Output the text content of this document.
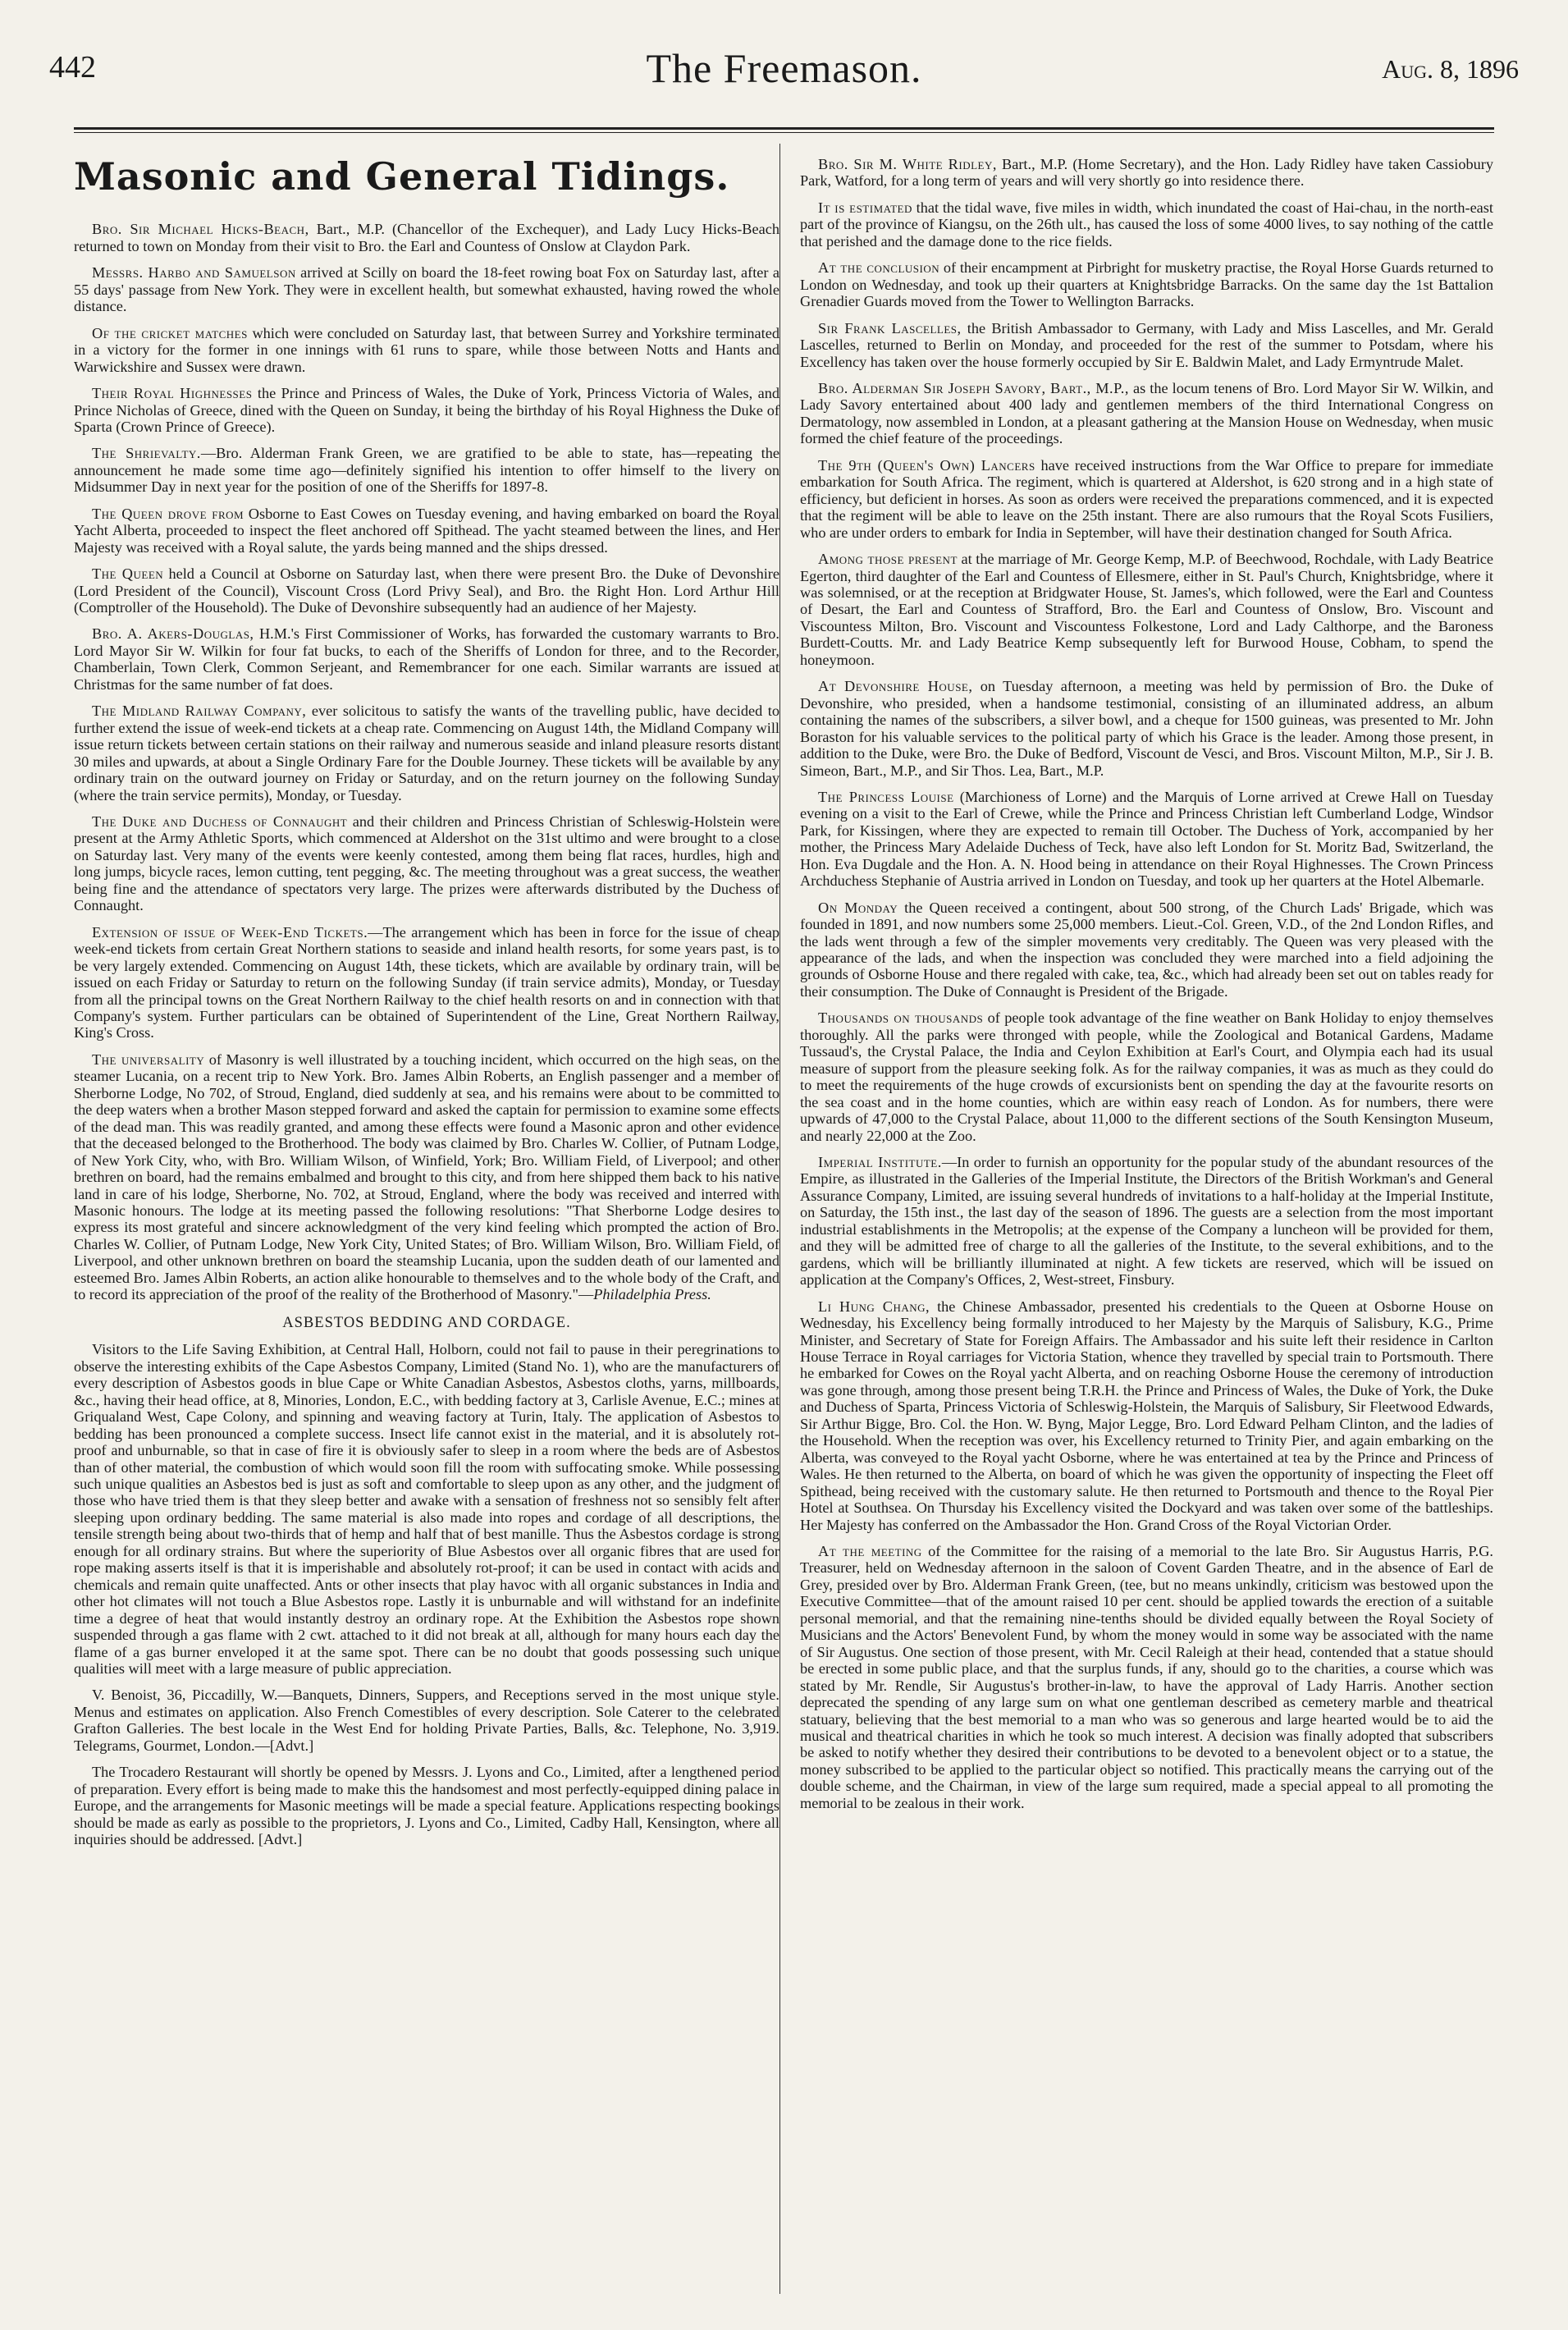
442	The Freemason.	Aug. 8, 1896
Masonic and General Tidings.

Bro. Sir Michael Hicks-Beach, Bart., M.P. (Chancellor of the Exchequer), and Lady Lucy Hicks-Beach returned to town on Monday from their visit to Bro. the Earl and Countess of Onslow at Claydon Park.

Messrs. Harbo and Samuelson arrived at Scilly on board the 18-feet rowing boat Fox on Saturday last, after a 55 days' passage from New York. They were in excellent health, but somewhat exhausted, having rowed the whole distance.

Of the cricket matches which were concluded on Saturday last, that between Surrey and Yorkshire terminated in a victory for the former in one innings with 61 runs to spare, while those between Notts and Hants and Warwickshire and Sussex were drawn.

Their Royal Highnesses the Prince and Princess of Wales, the Duke of York, Princess Victoria of Wales, and Prince Nicholas of Greece, dined with the Queen on Sunday, it being the birthday of his Royal Highness the Duke of Sparta (Crown Prince of Greece).

The Shrievalty.—Bro. Alderman Frank Green, we are gratified to be able to state, has—repeating the announcement he made some time ago—definitely signified his intention to offer himself to the livery on Midsummer Day in next year for the position of one of the Sheriffs for 1897-8.

The Queen drove from Osborne to East Cowes on Tuesday evening, and having embarked on board the Royal Yacht Alberta, proceeded to inspect the fleet anchored off Spithead. The yacht steamed between the lines, and Her Majesty was received with a Royal salute, the yards being manned and the ships dressed.

The Queen held a Council at Osborne on Saturday last, when there were present Bro. the Duke of Devonshire (Lord President of the Council), Viscount Cross (Lord Privy Seal), and Bro. the Right Hon. Lord Arthur Hill (Comptroller of the Household). The Duke of Devonshire subsequently had an audience of her Majesty.

Bro. A. Akers-Douglas, H.M.'s First Commissioner of Works, has forwarded the customary warrants to Bro. Lord Mayor Sir W. Wilkin for four fat bucks, to each of the Sheriffs of London for three, and to the Recorder, Chamberlain, Town Clerk, Common Serjeant, and Remembrancer for one each. Similar warrants are issued at Christmas for the same number of fat does.

The Midland Railway Company, ever solicitous to satisfy the wants of the travelling public, have decided to further extend the issue of week-end tickets at a cheap rate. Commencing on August 14th, the Midland Company will issue return tickets between certain stations on their railway and numerous seaside and inland pleasure resorts distant 30 miles and upwards, at about a Single Ordinary Fare for the Double Journey. These tickets will be available by any ordinary train on the outward journey on Friday or Saturday, and on the return journey on the following Sunday (where the train service permits), Monday, or Tuesday.

The Duke and Duchess of Connaught and their children and Princess Christian of Schleswig-Holstein were present at the Army Athletic Sports, which commenced at Aldershot on the 31st ultimo and were brought to a close on Saturday last. Very many of the events were keenly contested, among them being flat races, hurdles, high and long jumps, bicycle races, lemon cutting, tent pegging, &c. The meeting throughout was a great success, the weather being fine and the attendance of spectators very large. The prizes were afterwards distributed by the Duchess of Connaught.

Extension of issue of Week-End Tickets.—The arrangement which has been in force for the issue of cheap week-end tickets from certain Great Northern stations to seaside and inland health resorts, for some years past, is to be very largely extended. Commencing on August 14th, these tickets, which are available by ordinary train, will be issued on each Friday or Saturday to return on the following Sunday (if train service admits), Monday, or Tuesday from all the principal towns on the Great Northern Railway to the chief health resorts on and in connection with that Company's system. Further particulars can be obtained of Superintendent of the Line, Great Northern Railway, King's Cross.

The universality of Masonry is well illustrated by a touching incident, which occurred on the high seas, on the steamer Lucania, on a recent trip to New York. Bro. James Albin Roberts, an English passenger and a member of Sherborne Lodge, No 702, of Stroud, England, died suddenly at sea, and his remains were about to be committed to the deep waters when a brother Mason stepped forward and asked the captain for permission to examine some effects of the dead man. This was readily granted, and among these effects were found a Masonic apron and other evidence that the deceased belonged to the Brotherhood. The body was claimed by Bro. Charles W. Collier, of Putnam Lodge, of New York City, who, with Bro. William Wilson, of Winfield, York; Bro. William Field, of Liverpool; and other brethren on board, had the remains embalmed and brought to this city, and from here shipped them back to his native land in care of his lodge, Sherborne, No. 702, at Stroud, England, where the body was received and interred with Masonic honours. The lodge at its meeting passed the following resolutions: "That Sherborne Lodge desires to express its most grateful and sincere acknowledgment of the very kind feeling which prompted the action of Bro. Charles W. Collier, of Putnam Lodge, New York City, United States; of Bro. William Wilson, Bro. William Field, of Liverpool, and other unknown brethren on board the steamship Lucania, upon the sudden death of our lamented and esteemed Bro. James Albin Roberts, an action alike honourable to themselves and to the whole body of the Craft, and to record its appreciation of the proof of the reality of the Brotherhood of Masonry."—Philadelphia Press.

ASBESTOS BEDDING AND CORDAGE.

Visitors to the Life Saving Exhibition, at Central Hall, Holborn, could not fail to pause in their peregrinations to observe the interesting exhibits of the Cape Asbestos Company, Limited (Stand No. 1), who are the manufacturers of every description of Asbestos goods in blue Cape or White Canadian Asbestos, Asbestos cloths, yarns, millboards, &c., having their head office, at 8, Minories, London, E.C., with bedding factory at 3, Carlisle Avenue, E.C.; mines at Griqualand West, Cape Colony, and spinning and weaving factory at Turin, Italy. The application of Asbestos to bedding has been pronounced a complete success. Insect life cannot exist in the material, and it is absolutely rot-proof and unburnable, so that in case of fire it is obviously safer to sleep in a room where the beds are of Asbestos than of other material, the combustion of which would soon fill the room with suffocating smoke. While possessing such unique qualities an Asbestos bed is just as soft and comfortable to sleep upon as any other, and the judgment of those who have tried them is that they sleep better and awake with a sensation of freshness not so sensibly felt after sleeping upon ordinary bedding. The same material is also made into ropes and cordage of all descriptions, the tensile strength being about two-thirds that of hemp and half that of best manille. Thus the Asbestos cordage is strong enough for all ordinary strains. But where the superiority of Blue Asbestos over all organic fibres that are used for rope making asserts itself is that it is imperishable and absolutely rot-proof; it can be used in contact with acids and chemicals and remain quite unaffected. Ants or other insects that play havoc with all organic substances in India and other hot climates will not touch a Blue Asbestos rope. Lastly it is unburnable and will withstand for an indefinite time a degree of heat that would instantly destroy an ordinary rope. At the Exhibition the Asbestos rope shown suspended through a gas flame with 2 cwt. attached to it did not break at all, although for many hours each day the flame of a gas burner enveloped it at the same spot. There can be no doubt that goods possessing such unique qualities will meet with a large measure of public appreciation.

V. Benoist, 36, Piccadilly, W.—Banquets, Dinners, Suppers, and Receptions served in the most unique style. Menus and estimates on application. Also French Comestibles of every description. Sole Caterer to the celebrated Grafton Galleries. The best locale in the West End for holding Private Parties, Balls, &c. Telephone, No. 3,919. Telegrams, Gourmet, London.—[Advt.]

The Trocadero Restaurant will shortly be opened by Messrs. J. Lyons and Co., Limited, after a lengthened period of preparation. Every effort is being made to make this the handsomest and most perfectly-equipped dining palace in Europe, and the arrangements for Masonic meetings will be made a special feature. Applications respecting bookings should be made as early as possible to the proprietors, J. Lyons and Co., Limited, Cadby Hall, Kensington, where all inquiries should be addressed. [Advt.]

Bro. Sir M. White Ridley, Bart., M.P. (Home Secretary), and the Hon. Lady Ridley have taken Cassiobury Park, Watford, for a long term of years and will very shortly go into residence there.

It is estimated that the tidal wave, five miles in width, which inundated the coast of Hai-chau, in the north-east part of the province of Kiangsu, on the 26th ult., has caused the loss of some 4000 lives, to say nothing of the cattle that perished and the damage done to the rice fields.

At the conclusion of their encampment at Pirbright for musketry practise, the Royal Horse Guards returned to London on Wednesday, and took up their quarters at Knightsbridge Barracks. On the same day the 1st Battalion Grenadier Guards moved from the Tower to Wellington Barracks.

Sir Frank Lascelles, the British Ambassador to Germany, with Lady and Miss Lascelles, and Mr. Gerald Lascelles, returned to Berlin on Monday, and proceeded for the rest of the summer to Potsdam, where his Excellency has taken over the house formerly occupied by Sir E. Baldwin Malet, and Lady Ermyntrude Malet.

Bro. Alderman Sir Joseph Savory, Bart., M.P., as the locum tenens of Bro. Lord Mayor Sir W. Wilkin, and Lady Savory entertained about 400 lady and gentlemen members of the third International Congress on Dermatology, now assembled in London, at a pleasant gathering at the Mansion House on Wednesday, when music formed the chief feature of the proceedings.

The 9th (Queen's Own) Lancers have received instructions from the War Office to prepare for immediate embarkation for South Africa. The regiment, which is quartered at Aldershot, is 620 strong and in a high state of efficiency, but deficient in horses. As soon as orders were received the preparations commenced, and it is expected that the regiment will be able to leave on the 25th instant. There are also rumours that the Royal Scots Fusiliers, who are under orders to embark for India in September, will have their destination changed for South Africa.

Among those present at the marriage of Mr. George Kemp, M.P. of Beechwood, Rochdale, with Lady Beatrice Egerton, third daughter of the Earl and Countess of Ellesmere, either in St. Paul's Church, Knightsbridge, where it was solemnised, or at the reception at Bridgwater House, St. James's, which followed, were the Earl and Countess of Desart, the Earl and Countess of Strafford, Bro. the Earl and Countess of Onslow, Bro. Viscount and Viscountess Milton, Bro. Viscount and Viscountess Folkestone, Lord and Lady Calthorpe, and the Baroness Burdett-Coutts. Mr. and Lady Beatrice Kemp subsequently left for Burwood House, Cobham, to spend the honeymoon.

At Devonshire House, on Tuesday afternoon, a meeting was held by permission of Bro. the Duke of Devonshire, who presided, when a handsome testimonial, consisting of an illuminated address, an album containing the names of the subscribers, a silver bowl, and a cheque for 1500 guineas, was presented to Mr. John Boraston for his valuable services to the political party of which his Grace is the leader. Among those present, in addition to the Duke, were Bro. the Duke of Bedford, Viscount de Vesci, and Bros. Viscount Milton, M.P., Sir J. B. Simeon, Bart., M.P., and Sir Thos. Lea, Bart., M.P.

The Princess Louise (Marchioness of Lorne) and the Marquis of Lorne arrived at Crewe Hall on Tuesday evening on a visit to the Earl of Crewe, while the Prince and Princess Christian left Cumberland Lodge, Windsor Park, for Kissingen, where they are expected to remain till October. The Duchess of York, accompanied by her mother, the Princess Mary Adelaide Duchess of Teck, have also left London for St. Moritz Bad, Switzerland, the Hon. Eva Dugdale and the Hon. A. N. Hood being in attendance on their Royal Highnesses. The Crown Princess Archduchess Stephanie of Austria arrived in London on Tuesday, and took up her quarters at the Hotel Albemarle.

On Monday the Queen received a contingent, about 500 strong, of the Church Lads' Brigade, which was founded in 1891, and now numbers some 25,000 members. Lieut.-Col. Green, V.D., of the 2nd London Rifles, and the lads went through a few of the simpler movements very creditably. The Queen was very pleased with the appearance of the lads, and when the inspection was concluded they were marched into a field adjoining the grounds of Osborne House and there regaled with cake, tea, &c., which had already been set out on tables ready for their consumption. The Duke of Connaught is President of the Brigade.

Thousands on thousands of people took advantage of the fine weather on Bank Holiday to enjoy themselves thoroughly. All the parks were thronged with people, while the Zoological and Botanical Gardens, Madame Tussaud's, the Crystal Palace, the India and Ceylon Exhibition at Earl's Court, and Olympia each had its usual measure of support from the pleasure seeking folk. As for the railway companies, it was as much as they could do to meet the requirements of the huge crowds of excursionists bent on spending the day at the favourite resorts on the sea coast and in the home counties, which are within easy reach of London. As for numbers, there were upwards of 47,000 to the Crystal Palace, about 11,000 to the different sections of the South Kensington Museum, and nearly 22,000 at the Zoo.

Imperial Institute.—In order to furnish an opportunity for the popular study of the abundant resources of the Empire, as illustrated in the Galleries of the Imperial Institute, the Directors of the British Workman's and General Assurance Company, Limited, are issuing several hundreds of invitations to a half-holiday at the Imperial Institute, on Saturday, the 15th inst., the last day of the season of 1896. The guests are a selection from the most important industrial establishments in the Metropolis; at the expense of the Company a luncheon will be provided for them, and they will be admitted free of charge to all the galleries of the Institute, to the several exhibitions, and to the gardens, which will be brilliantly illuminated at night. A few tickets are reserved, which will be issued on application at the Company's Offices, 2, West-street, Finsbury.

Li Hung Chang, the Chinese Ambassador, presented his credentials to the Queen at Osborne House on Wednesday, his Excellency being formally introduced to her Majesty by the Marquis of Salisbury, K.G., Prime Minister, and Secretary of State for Foreign Affairs. The Ambassador and his suite left their residence in Carlton House Terrace in Royal carriages for Victoria Station, whence they travelled by special train to Portsmouth. There he embarked for Cowes on the Royal yacht Alberta, and on reaching Osborne House the ceremony of introduction was gone through, among those present being T.R.H. the Prince and Princess of Wales, the Duke of York, the Duke and Duchess of Sparta, Princess Victoria of Schleswig-Holstein, the Marquis of Salisbury, Sir Fleetwood Edwards, Sir Arthur Bigge, Bro. Col. the Hon. W. Byng, Major Legge, Bro. Lord Edward Pelham Clinton, and the ladies of the Household. When the reception was over, his Excellency returned to Trinity Pier, and again embarking on the Alberta, was conveyed to the Royal yacht Osborne, where he was entertained at tea by the Prince and Princess of Wales. He then returned to the Alberta, on board of which he was given the opportunity of inspecting the Fleet off Spithead, being received with the customary salute. He then returned to Portsmouth and thence to the Royal Pier Hotel at Southsea. On Thursday his Excellency visited the Dockyard and was taken over some of the battleships. Her Majesty has conferred on the Ambassador the Hon. Grand Cross of the Royal Victorian Order.

At the meeting of the Committee for the raising of a memorial to the late Bro. Sir Augustus Harris, P.G. Treasurer, held on Wednesday afternoon in the saloon of Covent Garden Theatre, and in the absence of Earl de Grey, presided over by Bro. Alderman Frank Green, (tee, but no means unkindly, criticism was bestowed upon the Executive Committee—that of the amount raised 10 per cent. should be applied towards the erection of a suitable personal memorial, and that the remaining nine-tenths should be divided equally between the Royal Society of Musicians and the Actors' Benevolent Fund, by whom the money would in some way be associated with the name of Sir Augustus. One section of those present, with Mr. Cecil Raleigh at their head, contended that a statue should be erected in some public place, and that the surplus funds, if any, should go to the charities, a course which was stated by Mr. Rendle, Sir Augustus's brother-in-law, to have the approval of Lady Harris. Another section deprecated the spending of any large sum on what one gentleman described as cemetery marble and theatrical statuary, believing that the best memorial to a man who was so generous and large hearted would be to aid the musical and theatrical charities in which he took so much interest. A decision was finally adopted that subscribers be asked to notify whether they desired their contributions to be devoted to a benevolent object or to a statue, the money subscribed to be applied to the particular object so notified. This practically means the carrying out of the double scheme, and the Chairman, in view of the large sum required, made a special appeal to all promoting the memorial to be zealous in their work.
